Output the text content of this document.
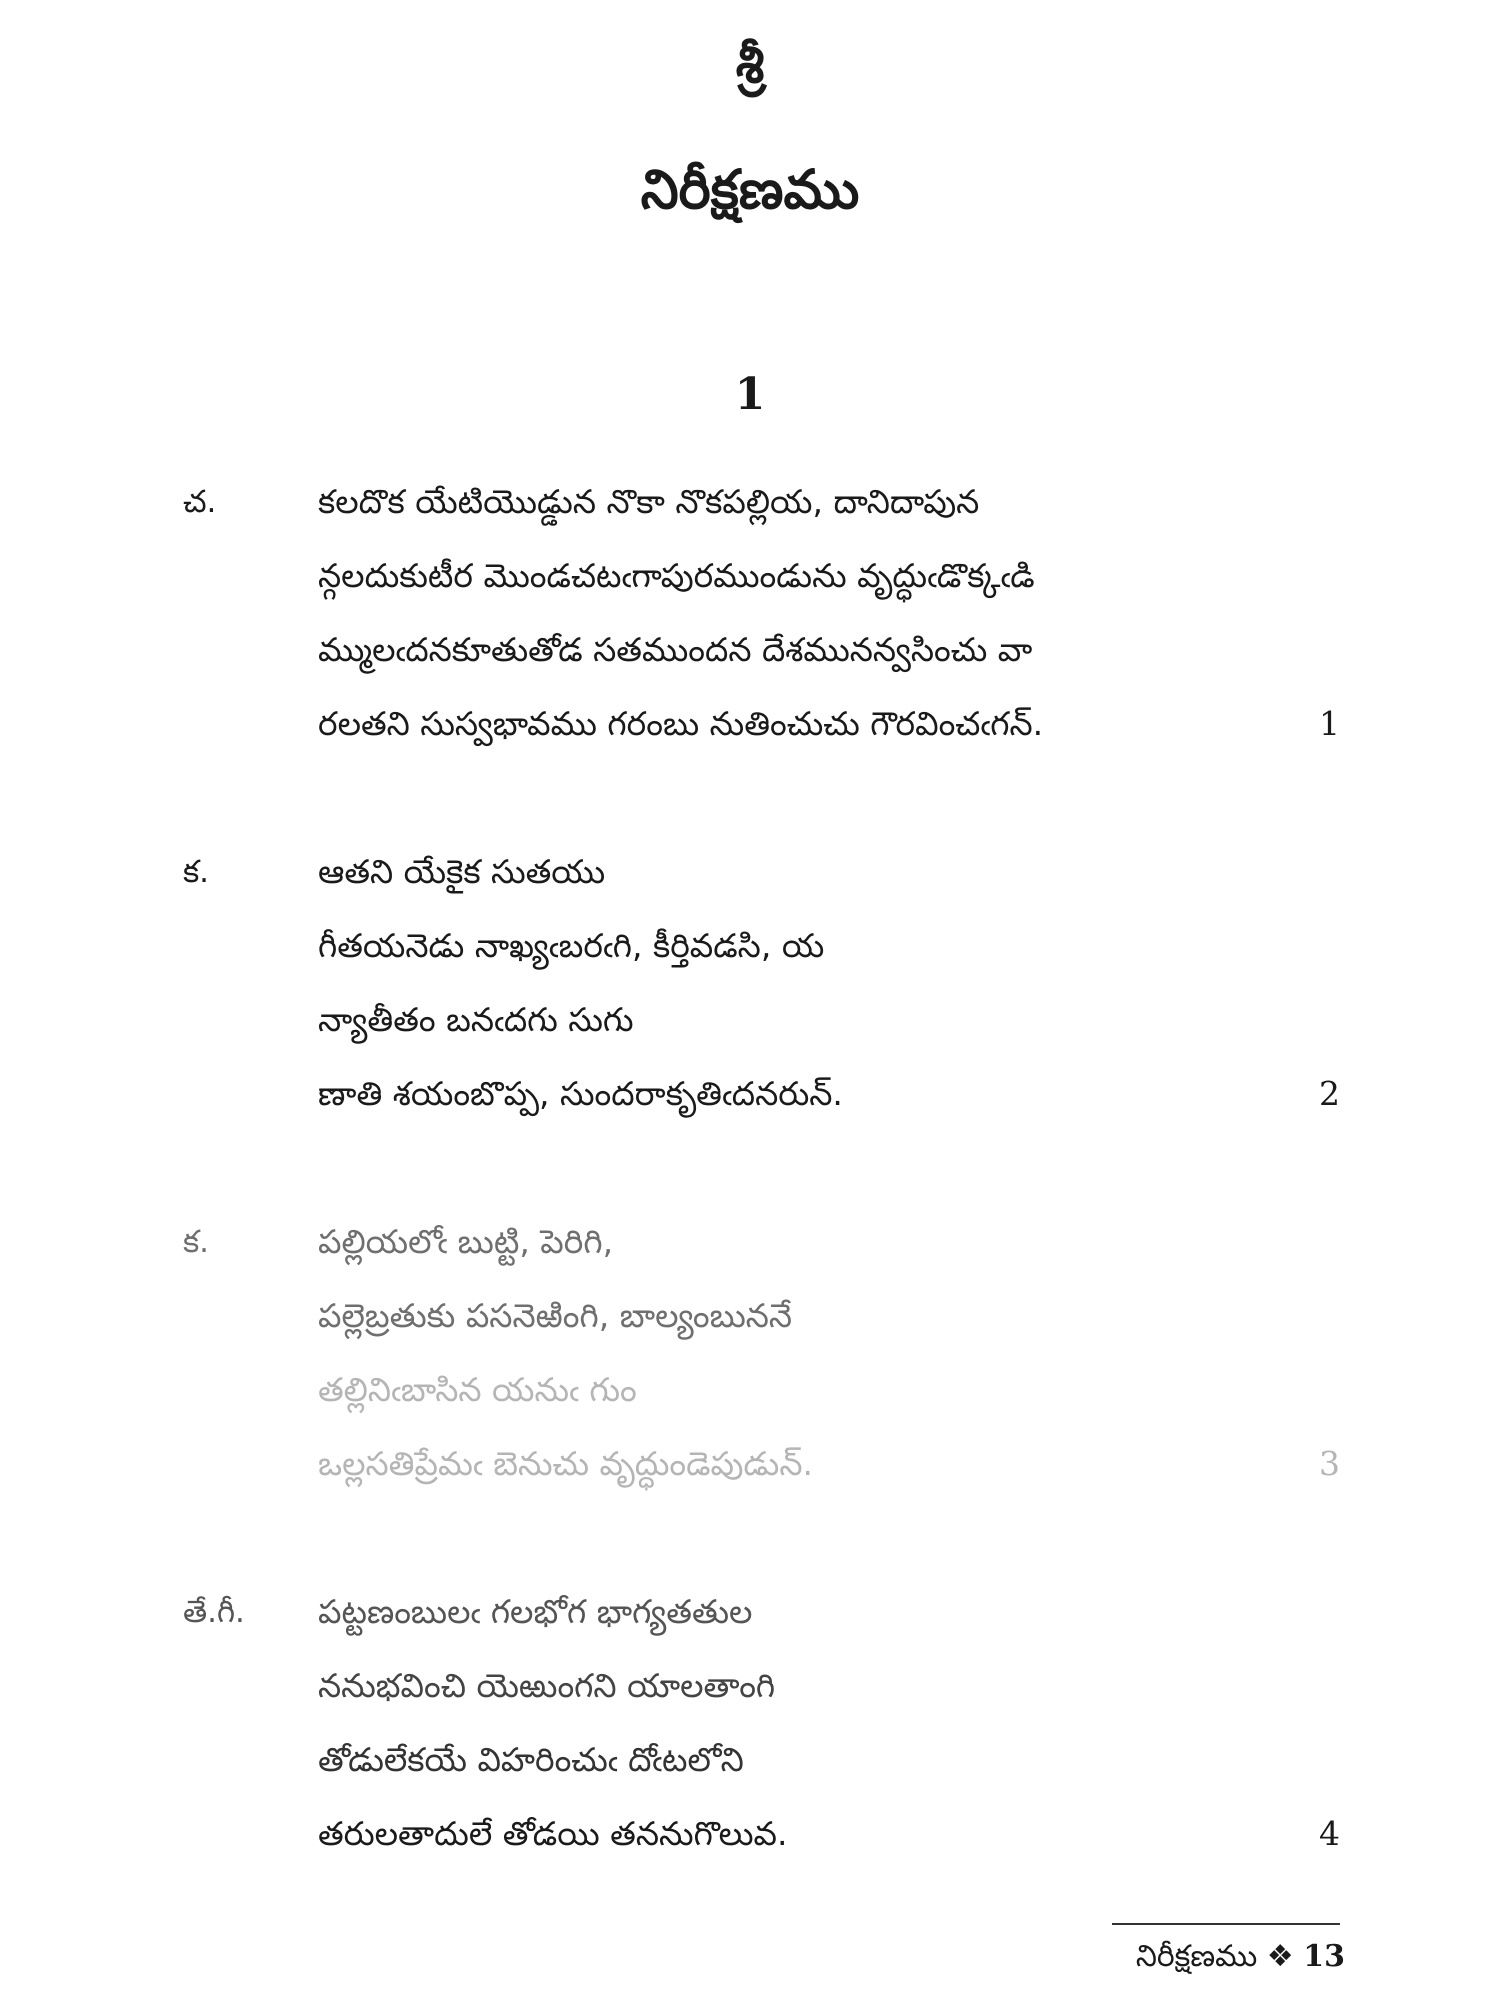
శ్రీ
నిరీక్షణము
1
చ.	కలదొక యేటియొడ్డున నొకా నొకపల్లియ, దానిదాపున
న్గలదుకుటీర మొండచటఁగాపురముండును వృద్ధుఁడొక్కఁడి
మ్ములఁదనకూతుతోడ సతముందన దేశమునన్వసించు వా
రలతని సుస్వభావము గరంబు నుతించుచు గౌరవించఁగన్.	1
క.	ఆతని యేకైక సుతయు
గీతయనెడు నాఖ్యఁబరఁగి, కీర్తివడసి, య
న్యాతీతం బనఁదగు సుగు
ణాతి శయంబొప్ప, సుందరాకృతిఁదనరున్.	2
క.	పల్లియలోఁ బుట్టి, పెరిగి,
పల్లెబ్రతుకు పసనెఱింగి, బాల్యంబుననే
తల్లినిఁబాసిన యనుఁ గుం
ఒల్లసతిప్రేమఁ బెనుచు వృద్ధుండెపుడున్.	3
తే.గీ. పట్టణంబులఁ గలభోగ భాగ్యతతుల
ననుభవించి యెఱుంగని యాలతాంగి
తోడులేకయే విహరించుఁ దోఁటలోని
తరులతాదులే తోడయి తననుగొలువ.	4
నిరీక్షణము ❖ 13
